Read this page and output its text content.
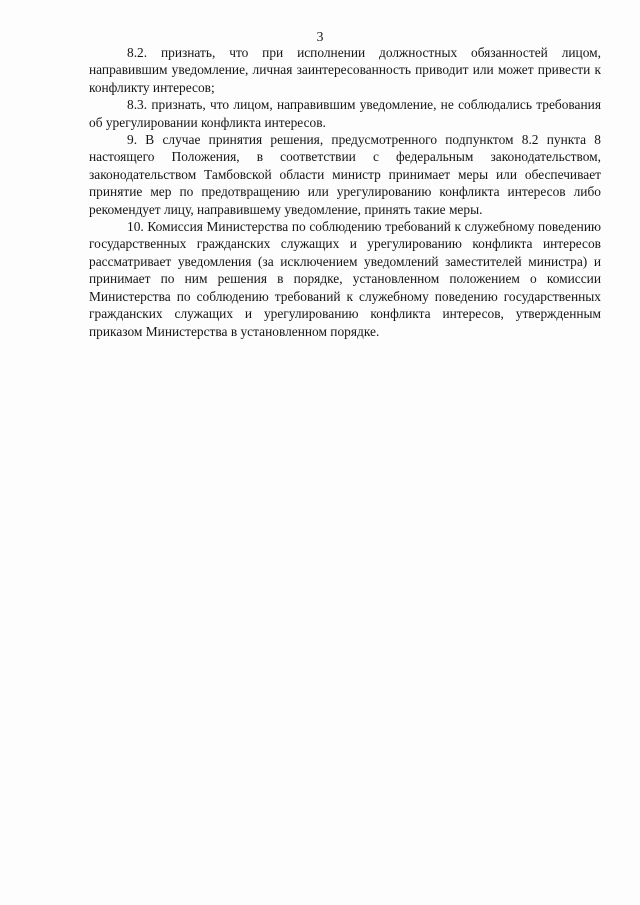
3

8.2. признать, что при исполнении должностных обязанностей лицом, направившим уведомление, личная заинтересованность приводит или может привести к конфликту интересов;

8.3. признать, что лицом, направившим уведомление, не соблюдались требования об урегулировании конфликта интересов.

9. В случае принятия решения, предусмотренного подпунктом 8.2 пункта 8 настоящего Положения, в соответствии с федеральным законодательством, законодательством Тамбовской области министр принимает меры или обеспечивает принятие мер по предотвращению или урегулированию конфликта интересов либо рекомендует лицу, направившему уведомление, принять такие меры.

10. Комиссия Министерства по соблюдению требований к служебному поведению государственных гражданских служащих и урегулированию конфликта интересов рассматривает уведомления (за исключением уведомлений заместителей министра) и принимает по ним решения в порядке, установленном положением о комиссии Министерства по соблюдению требований к служебному поведению государственных гражданских служащих и урегулированию конфликта интересов, утвержденным приказом Министерства в установленном порядке.
